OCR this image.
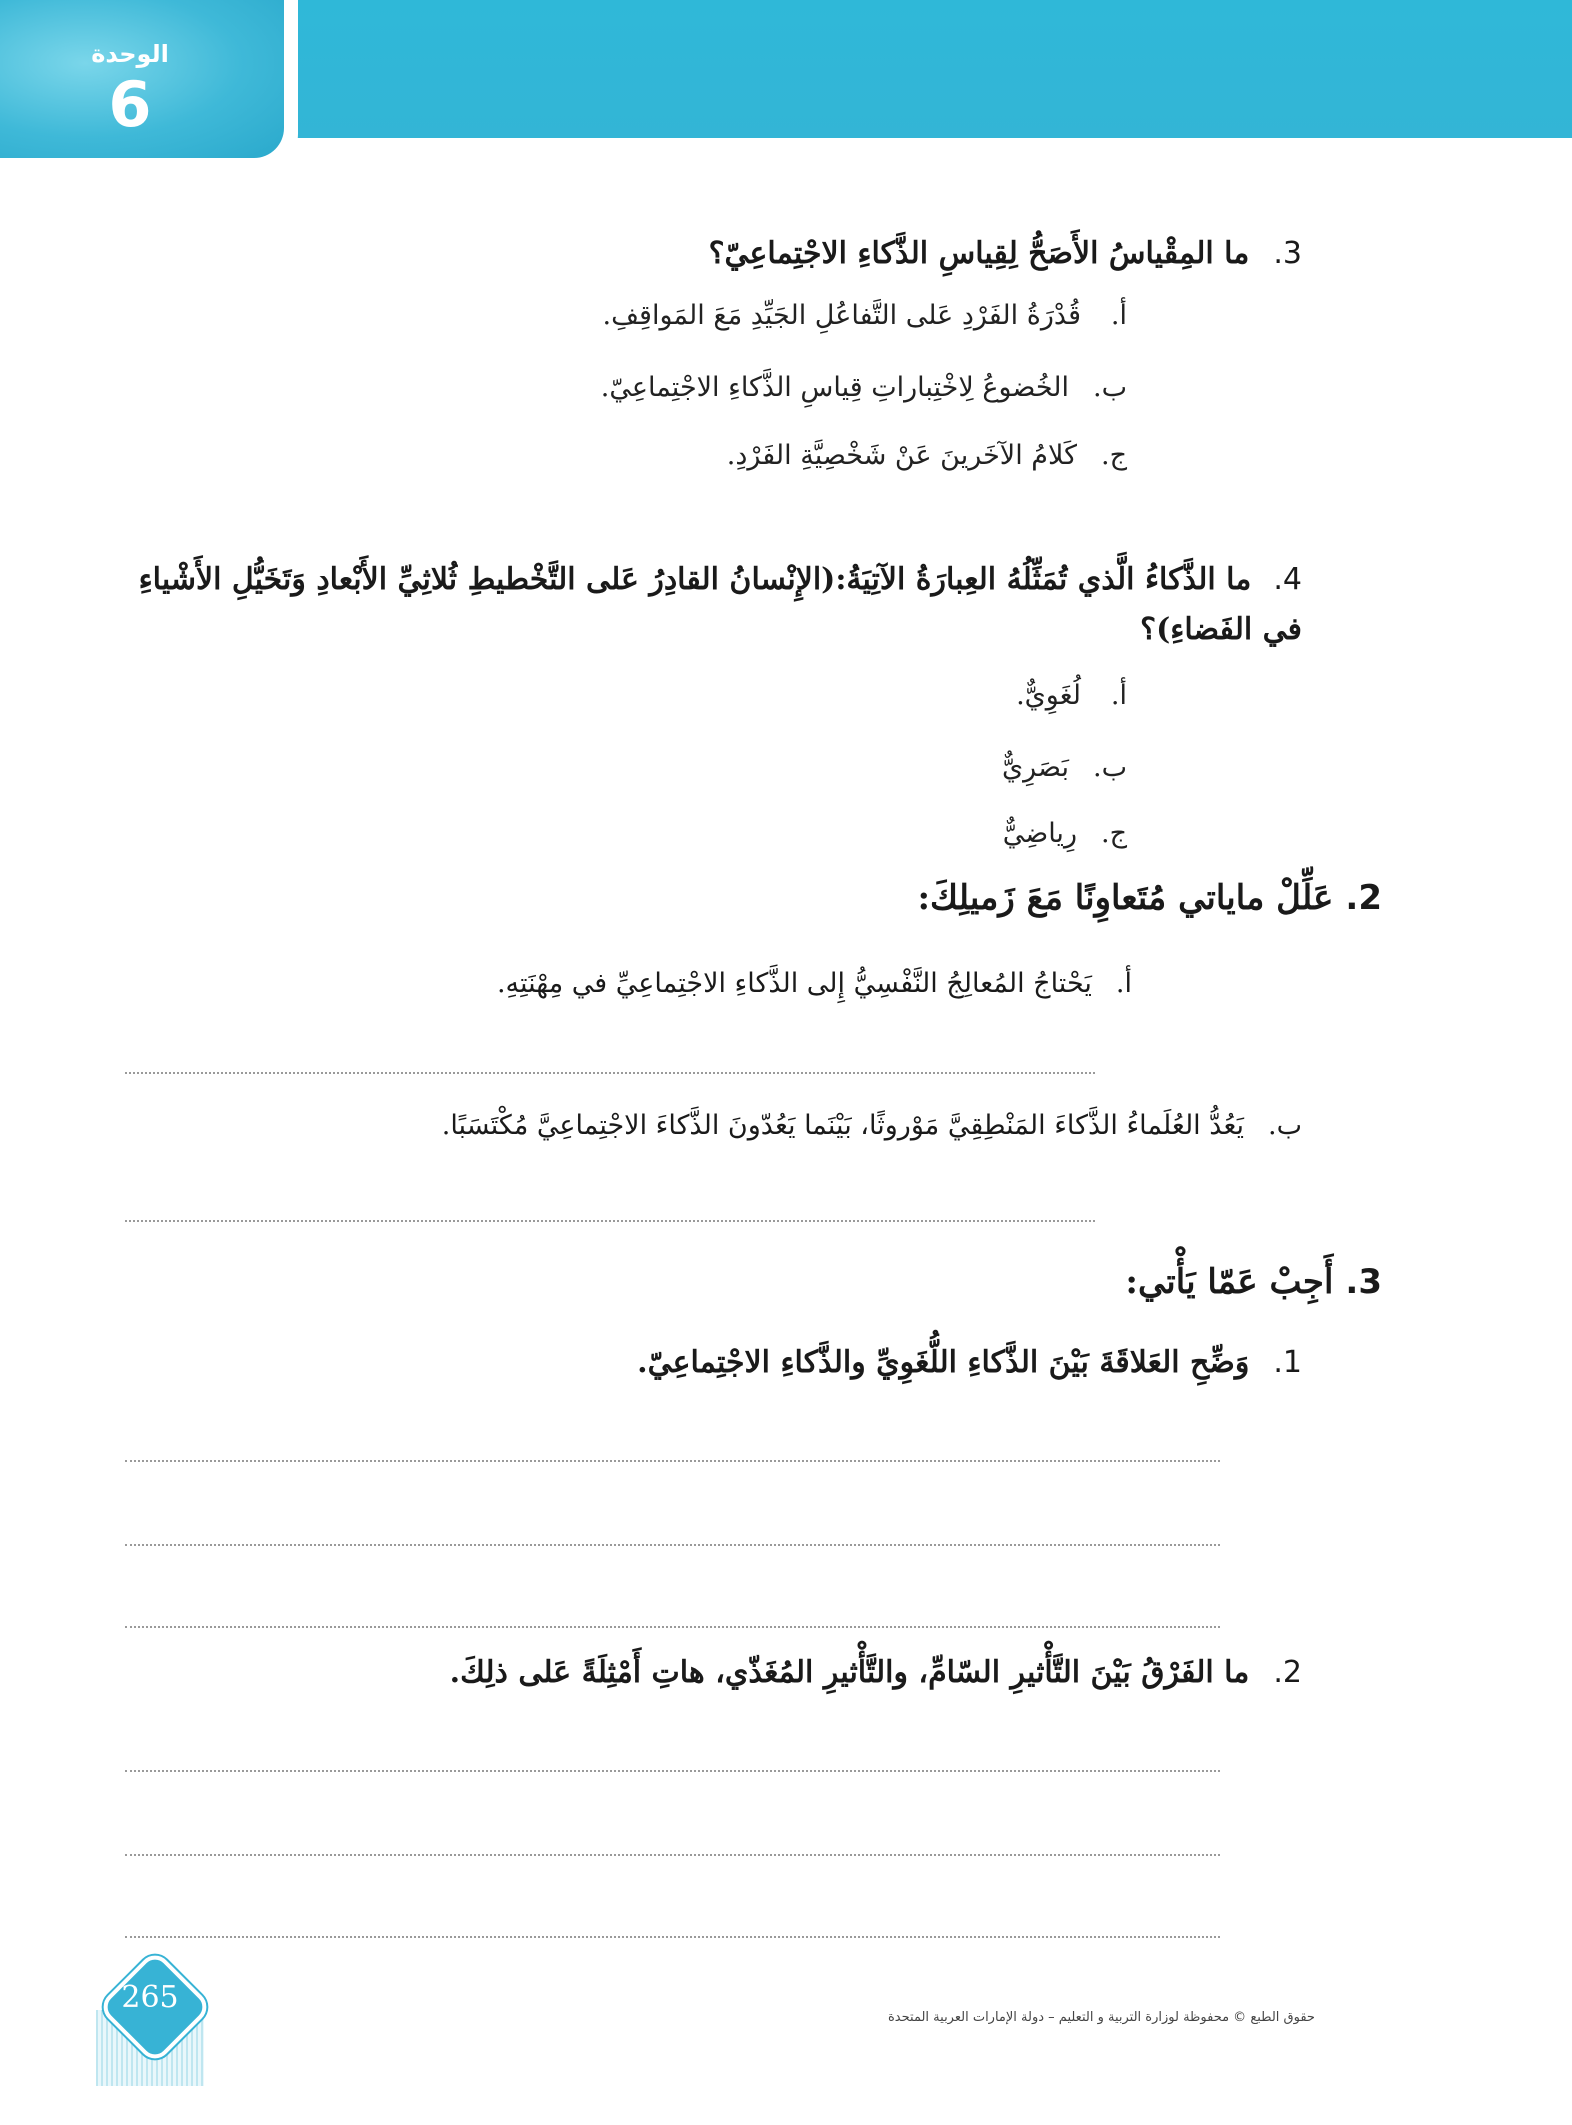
الوحدة
6
3.
ما المِقْياسُ الأَصَحُّ لِقِياسِ الذَّكاءِ الاجْتِماعِيّ؟
أ.
قُدْرَةُ الفَرْدِ عَلى التَّفاعُلِ الجَيِّدِ مَعَ المَواقِفِ.
ب.
الخُضوعُ لِاخْتِباراتِ قِياسِ الذَّكاءِ الاجْتِماعِيّ.
ج.
كَلامُ الآخَرينَ عَنْ شَخْصِيَّةِ الفَرْدِ.
4.ما الذَّكاءُ الَّذي تُمَثِّلُهُ العِبارَةُ الآتِيَةُ:(الإِنْسانُ القادِرُ عَلى التَّخْطيطِ ثُلاثِيِّ الأَبْعادِ وَتَخَيُّلِ الأَشْياءِ في الفَضاءِ)؟
أ.
لُغَوِيٌّ.
ب.
بَصَرِيٌّ
ج.
رِياضِيٌّ
2.
عَلِّلْ ماياتي مُتَعاوِنًا مَعَ زَميلِكَ:
أ.
يَحْتاجُ المُعالِجُ النَّفْسِيُّ إِلى الذَّكاءِ الاجْتِماعِيِّ في مِهْنَتِهِ.
ب.
يَعُدُّ العُلَماءُ الذَّكاءَ المَنْطِقِيَّ مَوْروثًا، بَيْنَما يَعُدّونَ الذَّكاءَ الاجْتِماعِيَّ مُكْتَسَبًا.
3.
أَجِبْ عَمّا يَأْتي:
1.
وَضِّحِ العَلاقَةَ بَيْنَ الذَّكاءِ اللُّغَوِيِّ والذَّكاءِ الاجْتِماعِيّ.
2.
ما الفَرْقُ بَيْنَ التَّأْثيرِ السّامِّ، والتَّأْثيرِ المُغَذّي، هاتِ أَمْثِلَةً عَلى ذلِكَ.
265
حقوق الطبع © محفوظة لوزارة التربية و التعليم – دولة الإمارات العربية المتحدة
